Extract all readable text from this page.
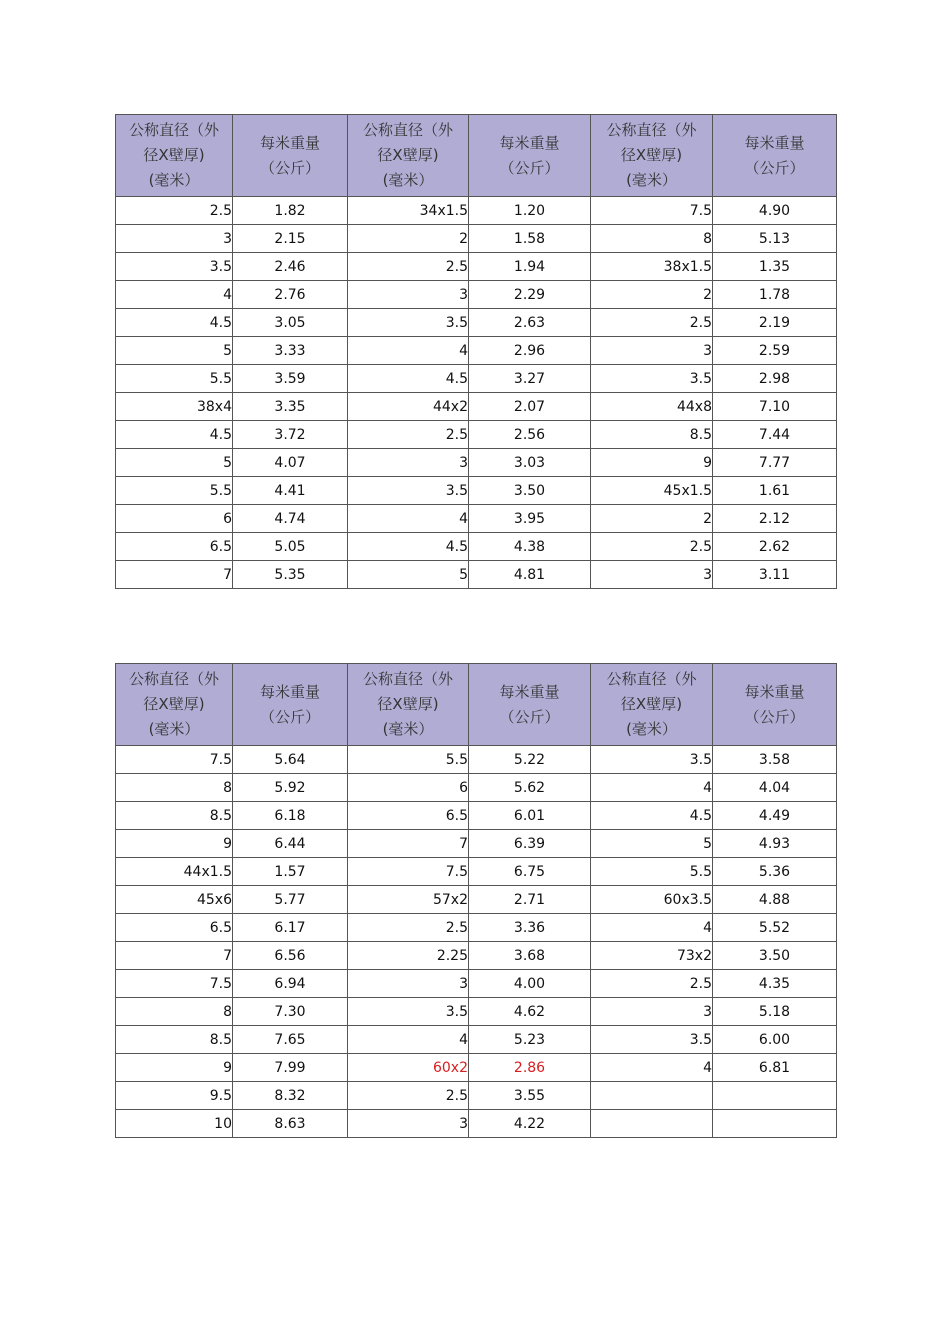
公称直径（外
径X壁厚)
(毫米）	每米重量
（公斤）	公称直径（外
径X壁厚)
(毫米）	每米重量
（公斤）	公称直径（外
径X壁厚)
(毫米）	每米重量
（公斤）

2.5	1.82	34x1.5	1.20	7.5	4.90
3	2.15	2	1.58	8	5.13
3.5	2.46	2.5	1.94	38x1.5	1.35
4	2.76	3	2.29	2	1.78
4.5	3.05	3.5	2.63	2.5	2.19
5	3.33	4	2.96	3	2.59
5.5	3.59	4.5	3.27	3.5	2.98
38x4	3.35	44x2	2.07	44x8	7.10
4.5	3.72	2.5	2.56	8.5	7.44
5	4.07	3	3.03	9	7.77
5.5	4.41	3.5	3.50	45x1.5	1.61
6	4.74	4	3.95	2	2.12
6.5	5.05	4.5	4.38	2.5	2.62
7	5.35	5	4.81	3	3.11
公称直径（外
径X壁厚)
(毫米）	每米重量
（公斤）	公称直径（外
径X壁厚)
(毫米）	每米重量
（公斤）	公称直径（外
径X壁厚)
(毫米）	每米重量
（公斤）

7.5	5.64	5.5	5.22	3.5	3.58
8	5.92	6	5.62	4	4.04
8.5	6.18	6.5	6.01	4.5	4.49
9	6.44	7	6.39	5	4.93
44x1.5	1.57	7.5	6.75	5.5	5.36
45x6	5.77	57x2	2.71	60x3.5	4.88
6.5	6.17	2.5	3.36	4	5.52
7	6.56	2.25	3.68	73x2	3.50
7.5	6.94	3	4.00	2.5	4.35
8	7.30	3.5	4.62	3	5.18
8.5	7.65	4	5.23	3.5	6.00
9	7.99	60x2	2.86	4	6.81
9.5	8.32	2.5	3.55		
10	8.63	3	4.22		
